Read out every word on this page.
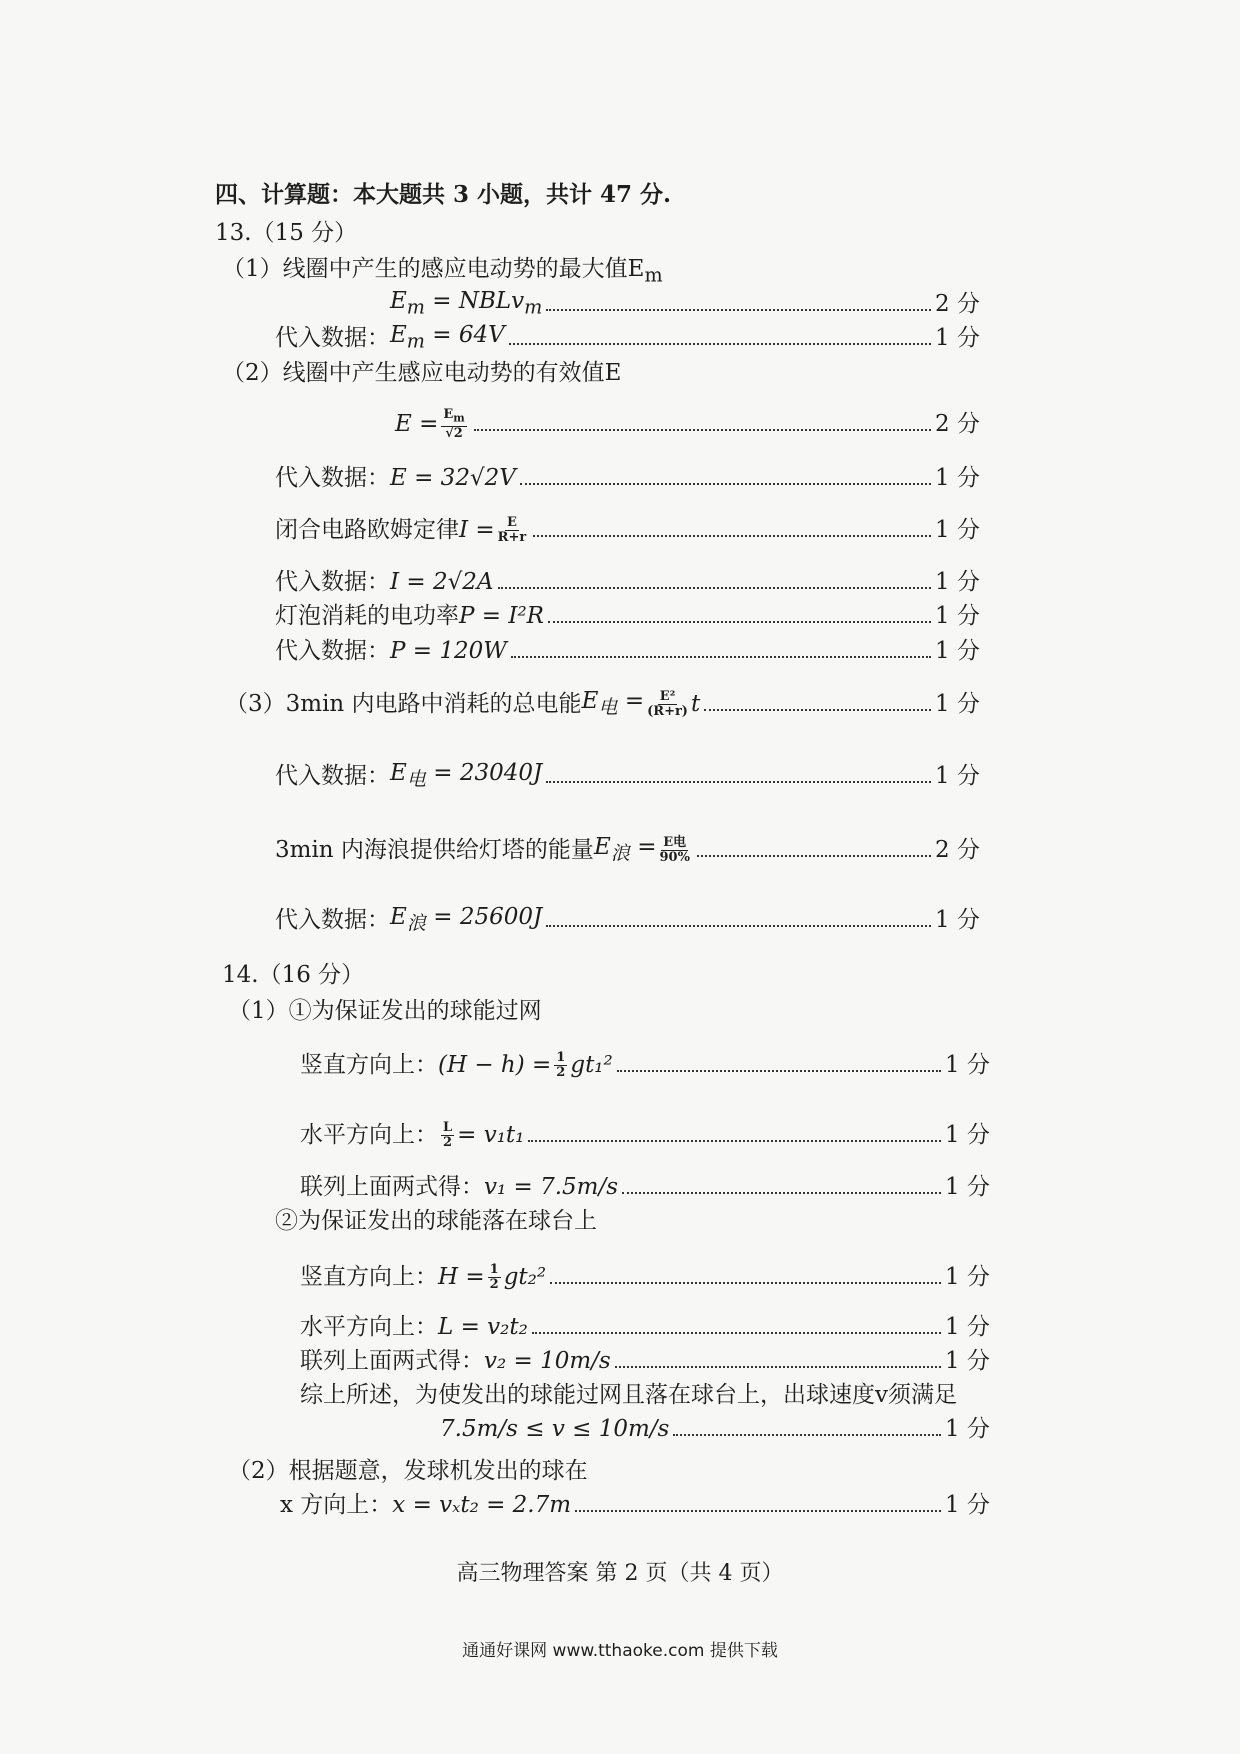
四、计算题：本大题共 3 小题，共计 47 分.
13.（15 分）
（1）线圈中产生的感应电动势的最大值$E_m$
$E_m$ = NBLv$_m$	2 分
代入数据： $E_m = 64V$	1 分
（2）线圈中产生感应电动势的有效值E
$E = \frac{E_m}{√2}$	2 分
代入数据： E = 32√2V	1 分
闭合电路欧姆定律 $I = \frac{E}{R+r}$	1 分
代入数据： I = 2√2A	1 分
灯泡消耗的电功率 P = I²R	1 分
代入数据： P = 120W	1 分
（3）3min 内电路中消耗的总电能 $E_电 = \frac{\text{E²}}{(R+r)}$ t	1 分
代入数据： $E_电 = 23040J$	1 分
3min 内海浪提供给灯塔的能量 $E_浪 = \frac{\text{E电}}{90\%}$	2 分
代入数据： $E_浪 = 25600J$	1 分
14.（16 分）
（1）①为保证发出的球能过网
竖直方向上： $(H - h) = \frac{1}{2} gt_1^2$	1 分
水平方向上： $\frac{L}{2} = v_1t_1$	1 分
联列上面两式得： v₁ = 7.5m/s	1 分
②为保证发出的球能落在球台上
竖直方向上： $H = \frac{1}{2} gt_2^2$	1 分
水平方向上： L = v₂t₂	1 分
联列上面两式得： v₂ = 10m/s	1 分
综上所述，为使发出的球能过网且落在球台上，出球速度v须满足
7.5m/s ≤ v ≤ 10m/s	1 分
（2）根据题意，发球机发出的球在
x 方向上： x = vₓt₂ = 2.7m	1 分
高三物理答案 第 2 页（共 4 页）
通通好课网 www.tthaoke.com 提供下载
